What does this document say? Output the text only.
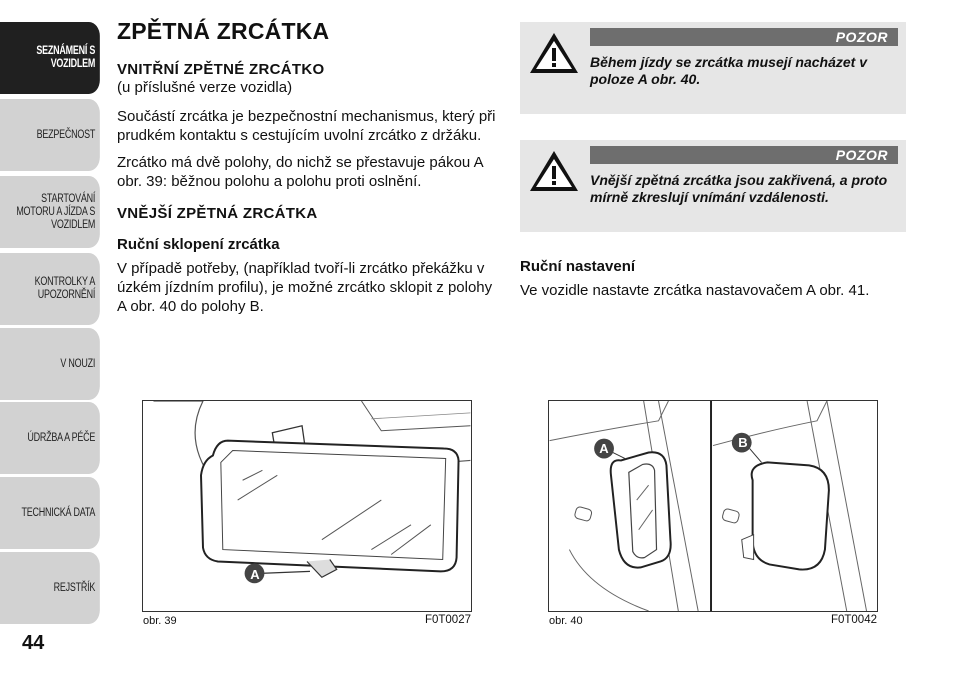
SEZNÁMENÍ S
VOZIDLEM
BEZPEČNOST
STARTOVÁNÍ
MOTORU A JÍZDA S
VOZIDLEM
KONTROLKY A
UPOZORNĚNÍ
V NOUZI
ÚDRŽBA A PÉČE
TECHNICKÁ DATA
REJSTŘÍK
44
ZPĚTNÁ ZRCÁTKA
VNITŘNÍ ZPĚTNÉ ZRCÁTKO

(u příslušné verze vozidla)

Součástí zrcátka je bezpečnostní mechanismus, který při prudkém kontaktu s cestujícím uvolní zrcátko z držáku.

Zrcátko má dvě polohy, do nichž se přestavuje pákou A obr. 39: běžnou polohu a polohu proti oslnění.

VNĚJŠÍ ZPĚTNÁ ZRCÁTKA
Ruční sklopení zrcátka

V případě potřeby, (například tvoří-li zrcátko překážku v úzkém jízdním profilu), je možné zrcátko sklopit z polohy A obr. 40 do polohy B.

POZOR
Během jízdy se zrcátka musejí nacházet v poloze A obr. 40.
POZOR
Vnější zpětná zrcátka jsou zakřivená, a proto mírně zkreslují vnímání vzdálenosti.
Ruční nastavení

Ve vozidle nastavte zrcátka nastavovačem A obr. 41.

A
obr. 39	F0T0027
A	B
obr. 40	F0T0042
